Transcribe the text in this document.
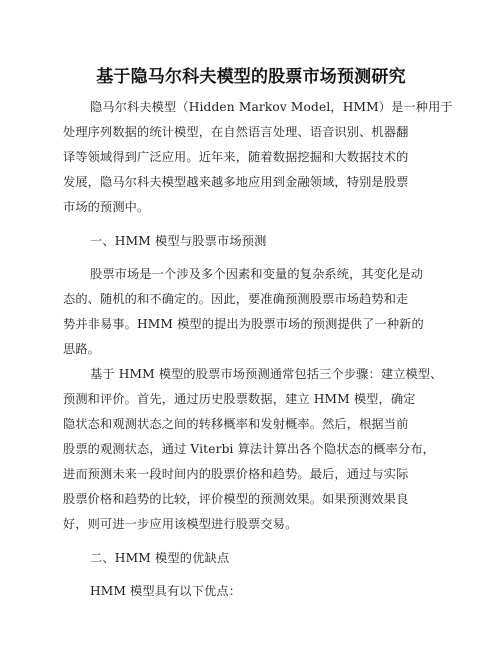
基于隐马尔科夫模型的股票市场预测研究
隐马尔科夫模型（Hidden Markov Model，HMM）是一种用于
处理序列数据的统计模型，在自然语言处理、语音识别、机器翻
译等领域得到广泛应用。近年来，随着数据挖掘和大数据技术的
发展，隐马尔科夫模型越来越多地应用到金融领域，特别是股票
市场的预测中。
一、HMM 模型与股票市场预测
股票市场是一个涉及多个因素和变量的复杂系统，其变化是动
态的、随机的和不确定的。因此，要准确预测股票市场趋势和走
势并非易事。HMM 模型的提出为股票市场的预测提供了一种新的
思路。
基于 HMM 模型的股票市场预测通常包括三个步骤：建立模型、
预测和评价。首先，通过历史股票数据，建立 HMM 模型，确定
隐状态和观测状态之间的转移概率和发射概率。然后，根据当前
股票的观测状态，通过 Viterbi 算法计算出各个隐状态的概率分布，
进而预测未来一段时间内的股票价格和趋势。最后，通过与实际
股票价格和趋势的比较，评价模型的预测效果。如果预测效果良
好，则可进一步应用该模型进行股票交易。
二、HMM 模型的优缺点
HMM 模型具有以下优点：
